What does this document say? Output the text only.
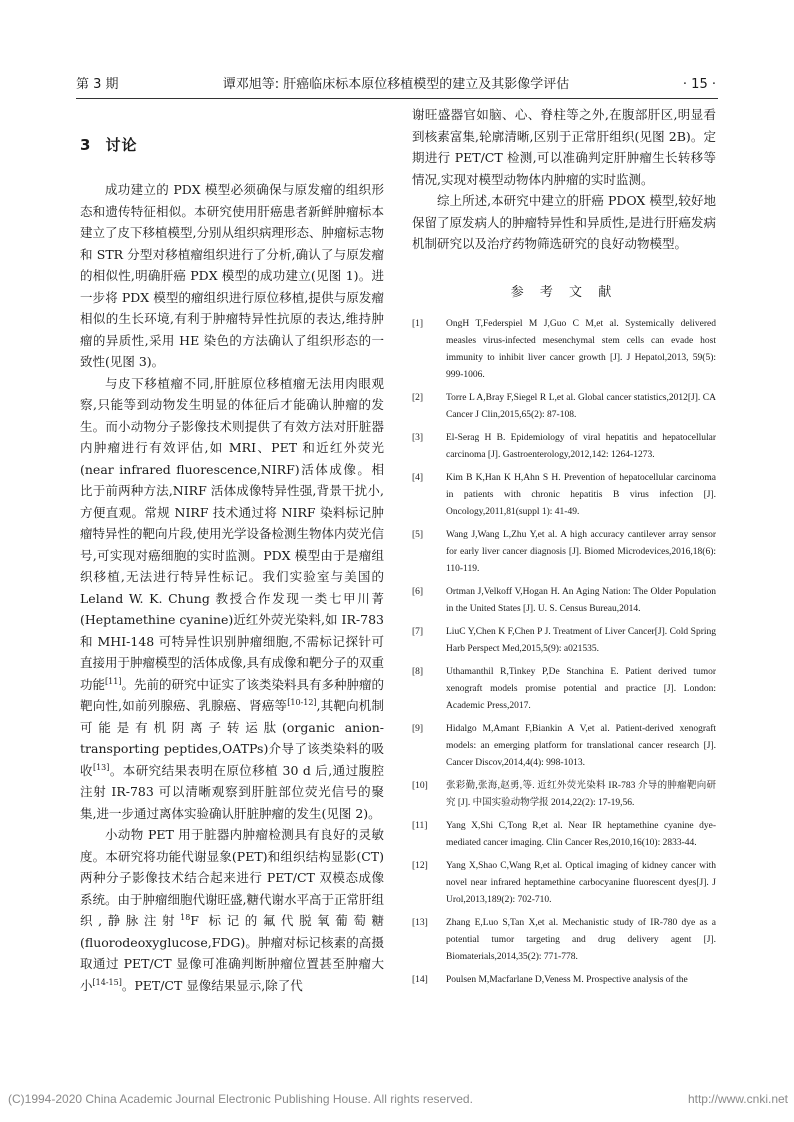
第 3 期	谭邓旭等: 肝癌临床标本原位移植模型的建立及其影像学评估	· 15 ·
3 讨论

成功建立的 PDX 模型必须确保与原发瘤的组织形态和遗传特征相似。本研究使用肝癌患者新鲜肿瘤标本建立了皮下移植模型,分别从组织病理形态、肿瘤标志物和 STR 分型对移植瘤组织进行了分析,确认了与原发瘤的相似性,明确肝癌 PDX 模型的成功建立(见图 1)。进一步将 PDX 模型的瘤组织进行原位移植,提供与原发瘤相似的生长环境,有利于肿瘤特异性抗原的表达,维持肿瘤的异质性,采用 HE 染色的方法确认了组织形态的一致性(见图 3)。

与皮下移植瘤不同,肝脏原位移植瘤无法用肉眼观察,只能等到动物发生明显的体征后才能确认肿瘤的发生。而小动物分子影像技术则提供了有效方法对肝脏器内肿瘤进行有效评估,如 MRI、PET 和近红外荧光(near infrared fluorescence,NIRF)活体成像。相比于前两种方法,NIRF 活体成像特异性强,背景干扰小,方便直观。常规 NIRF 技术通过将 NIRF 染料标记肿瘤特异性的靶向片段,使用光学设备检测生物体内荧光信号,可实现对癌细胞的实时监测。PDX 模型由于是瘤组织移植,无法进行特异性标记。我们实验室与美国的 Leland W. K. Chung 教授合作发现一类七甲川菁(Heptamethine cyanine)近红外荧光染料,如 IR-783 和 MHI-148 可特异性识别肿瘤细胞,不需标记探针可直接用于肿瘤模型的活体成像,具有成像和靶分子的双重功能[11]。先前的研究中证实了该类染料具有多种肿瘤的靶向性,如前列腺癌、乳腺癌、肾癌等[10-12],其靶向机制可能是有机阴离子转运肽(organic anion-transporting peptides,OATPs)介导了该类染料的吸收[13]。本研究结果表明在原位移植 30 d 后,通过腹腔注射 IR-783 可以清晰观察到肝脏部位荧光信号的聚集,进一步通过离体实验确认肝脏肿瘤的发生(见图 2)。

小动物 PET 用于脏器内肿瘤检测具有良好的灵敏度。本研究将功能代谢显象(PET)和组织结构显影(CT)两种分子影像技术结合起来进行 PET/CT 双模态成像系统。由于肿瘤细胞代谢旺盛,糖代谢水平高于正常肝组织,静脉注射$^{18}$F 标记的氟代脱氧葡萄糖(fluorodeoxyglucose,FDG)。肿瘤对标记核素的高摄取通过 PET/CT 显像可准确判断肿瘤位置甚至肿瘤大小[14-15]。PET/CT 显像结果显示,除了代

谢旺盛器官如脑、心、脊柱等之外,在腹部肝区,明显看到核素富集,轮廓清晰,区别于正常肝组织(见图 2B)。定期进行 PET/CT 检测,可以准确判定肝肿瘤生长转移等情况,实现对模型动物体内肿瘤的实时监测。

综上所述,本研究中建立的肝癌 PDOX 模型,较好地保留了原发病人的肿瘤特异性和异质性,是进行肝癌发病机制研究以及治疗药物筛选研究的良好动物模型。

参 考 文 献
[1]	OngH T,Federspiel M J,Guo C M,et al. Systemically delivered measles virus-infected mesenchymal stem cells can evade host immunity to inhibit liver cancer growth [J]. J Hepatol,2013, 59(5): 999-1006.
[2]	Torre L A,Bray F,Siegel R L,et al. Global cancer statistics,2012[J]. CA Cancer J Clin,2015,65(2): 87-108.
[3]	El-Serag H B. Epidemiology of viral hepatitis and hepatocellular carcinoma [J]. Gastroenterology,2012,142: 1264-1273.
[4]	Kim B K,Han K H,Ahn S H. Prevention of hepatocellular carcinoma in patients with chronic hepatitis B virus infection [J]. Oncology,2011,81(suppl 1): 41-49.
[5]	Wang J,Wang L,Zhu Y,et al. A high accuracy cantilever array sensor for early liver cancer diagnosis [J]. Biomed Microdevices,2016,18(6): 110-119.
[6]	Ortman J,Velkoff V,Hogan H. An Aging Nation: The Older Population in the United States [J]. U. S. Census Bureau,2014.
[7]	LiuC Y,Chen K F,Chen P J. Treatment of Liver Cancer[J]. Cold Spring Harb Perspect Med,2015,5(9): a021535.
[8]	Uthamanthil R,Tinkey P,De Stanchina E. Patient derived tumor xenograft models promise potential and practice [J]. London: Academic Press,2017.
[9]	Hidalgo M,Amant F,Biankin A V,et al. Patient-derived xenograft models: an emerging platform for translational cancer research [J]. Cancer Discov,2014,4(4): 998-1013.
[10]	张彩勤,张海,赵勇,等. 近红外荧光染料 IR-783 介导的肿瘤靶向研究 [J]. 中国实验动物学报 2014,22(2): 17-19,56.
[11]	Yang X,Shi C,Tong R,et al. Near IR heptamethine cyanine dye-mediated cancer imaging. Clin Cancer Res,2010,16(10): 2833-44.
[12]	Yang X,Shao C,Wang R,et al. Optical imaging of kidney cancer with novel near infrared heptamethine carbocyanine fluorescent dyes[J]. J Urol,2013,189(2): 702-710.
[13]	Zhang E,Luo S,Tan X,et al. Mechanistic study of IR-780 dye as a potential tumor targeting and drug delivery agent [J]. Biomaterials,2014,35(2): 771-778.
[14]	Poulsen M,Macfarlane D,Veness M. Prospective analysis of the
(C)1994-2020 China Academic Journal Electronic Publishing House. All rights reserved.	http://www.cnki.net
